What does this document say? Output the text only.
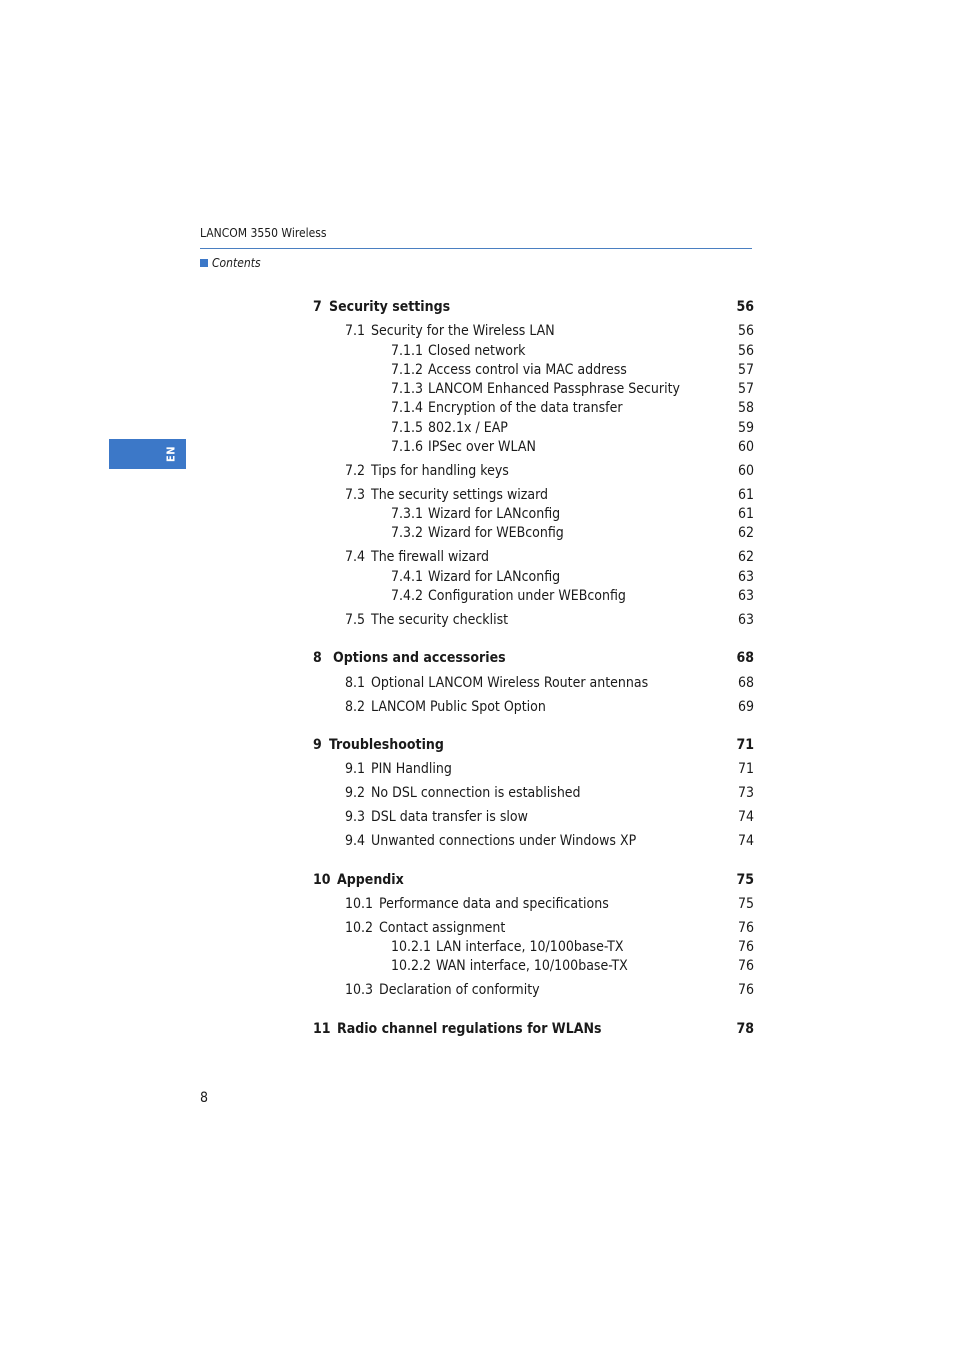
LANCOM 3550 Wireless
Contents
EN
7 Security settings	56
7.1 Security for the Wireless LAN	56
7.1.1 Closed network	56
7.1.2 Access control via MAC address	57
7.1.3 LANCOM Enhanced Passphrase Security	57
7.1.4 Encryption of the data transfer	58
7.1.5 802.1x / EAP	59
7.1.6 IPSec over WLAN	60
7.2 Tips for handling keys	60
7.3 The security settings wizard	61
7.3.1 Wizard for LANconfig	61
7.3.2 Wizard for WEBconfig	62
7.4 The firewall wizard	62
7.4.1 Wizard for LANconfig	63
7.4.2 Configuration under WEBconfig	63
7.5 The security checklist	63
8 Options and accessories	68
8.1 Optional LANCOM Wireless Router antennas	68
8.2 LANCOM Public Spot Option	69
9 Troubleshooting	71
9.1 PIN Handling	71
9.2 No DSL connection is established	73
9.3 DSL data transfer is slow	74
9.4 Unwanted connections under Windows XP	74
10 Appendix	75
10.1 Performance data and specifications	75
10.2 Contact assignment	76
10.2.1 LAN interface, 10/100base-TX	76
10.2.2 WAN interface, 10/100base-TX	76
10.3 Declaration of conformity	76
11 Radio channel regulations for WLANs	78
8
